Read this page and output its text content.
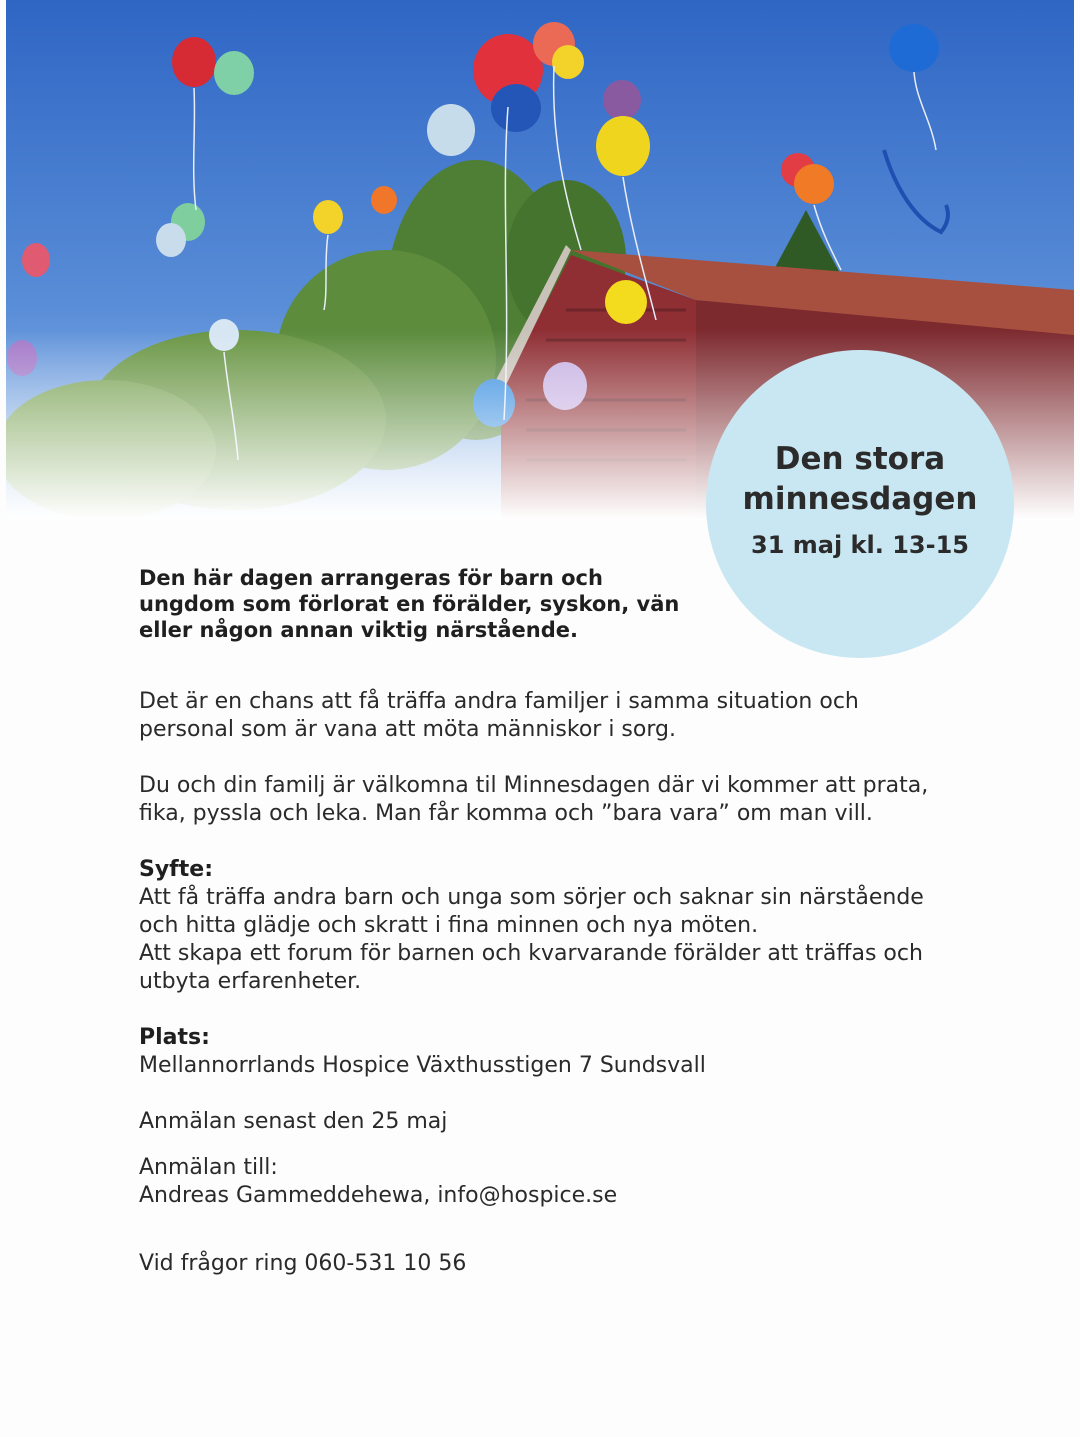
Den stora minnesdagen
31 maj kl. 13-15

Den här dagen arrangeras för barn och ungdom som förlorat en förälder, syskon, vän eller någon annan viktig närstående.

Det är en chans att få träffa andra familjer i samma situation och personal som är vana att möta människor i sorg.

Du och din familj är välkomna til Minnesdagen där vi kommer att prata, fika, pyssla och leka. Man får komma och ”bara vara” om man vill.

Syfte:

Att få träffa andra barn och unga som sörjer och saknar sin närstående och hitta glädje och skratt i fina minnen och nya möten.

Att skapa ett forum för barnen och kvarvarande förälder att träffas och utbyta erfarenheter.

Plats:

Mellannorrlands Hospice Växthusstigen 7 Sundsvall

Anmälan senast den 25 maj

Anmälan till:

Andreas Gammeddehewa, info@hospice.se

Vid frågor ring 060-531 10 56
